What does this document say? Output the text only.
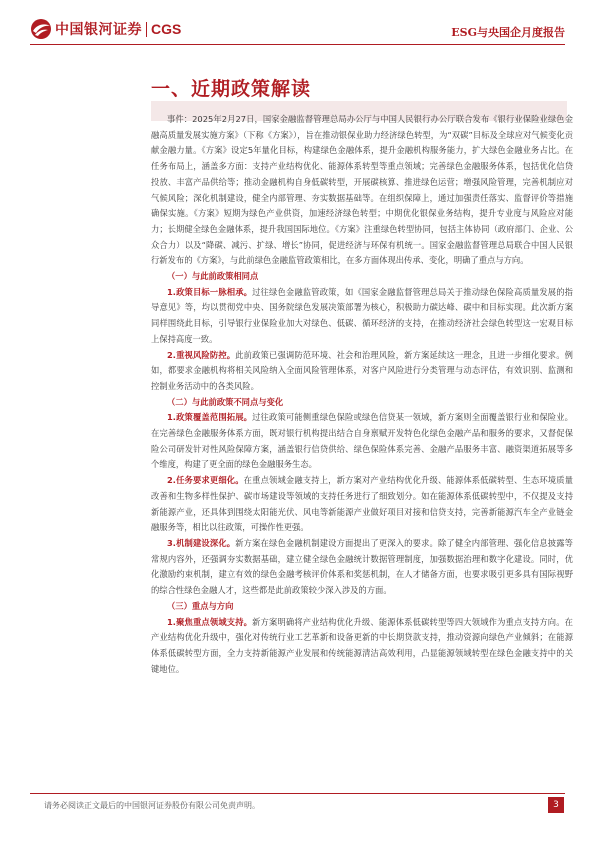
中国银河证券 CGS	ESG与央国企月度报告
一、近期政策解读

事件：2025年2月27日，国家金融监督管理总局办公厅与中国人民银行办公厅联合发布《银行业保险业绿色金融高质量发展实施方案》（下称《方案》），旨在推动银保业助力经济绿色转型，为“双碳”目标及全球应对气候变化贡献金融力量。《方案》设定5年量化目标，构建绿色金融体系，提升金融机构服务能力，扩大绿色金融业务占比。在任务布局上，涵盖多方面：支持产业结构优化、能源体系转型等重点领域；完善绿色金融服务体系，包括优化信贷投放、丰富产品供给等；推动金融机构自身低碳转型，开展碳核算、推进绿色运营；增强风险管理，完善机制应对气候风险；深化机制建设，健全内部管理、夯实数据基础等。在组织保障上，通过加强责任落实、监督评价等措施确保实施。《方案》短期为绿色产业供资，加速经济绿色转型；中期优化银保业务结构，提升专业度与风险应对能力；长期健全绿色金融体系，提升我国国际地位。《方案》注重绿色转型协同，包括主体协同（政府部门、企业、公众合力）以及“降碳、减污、扩绿、增长”协同，促进经济与环保有机统一。国家金融监督管理总局联合中国人民银行新发布的《方案》，与此前绿色金融监管政策相比，在多方面体现出传承、变化，明确了重点与方向。

（一）与此前政策相同点

1.政策目标一脉相承。过往绿色金融监管政策，如《国家金融监督管理总局关于推动绿色保险高质量发展的指导意见》等，均以贯彻党中央、国务院绿色发展决策部署为核心，积极助力碳达峰、碳中和目标实现。此次新方案同样围绕此目标，引导银行业保险业加大对绿色、低碳、循环经济的支持，在推动经济社会绿色转型这一宏观目标上保持高度一致。

2.重视风险防控。此前政策已强调防范环境、社会和治理风险，新方案延续这一理念，且进一步细化要求。例如，都要求金融机构将相关风险纳入全面风险管理体系，对客户风险进行分类管理与动态评估，有效识别、监测和控制业务活动中的各类风险。

（二）与此前政策不同点与变化

1.政策覆盖范围拓展。过往政策可能侧重绿色保险或绿色信贷某一领域，新方案则全面覆盖银行业和保险业。在完善绿色金融服务体系方面，既对银行机构提出结合自身禀赋开发特色化绿色金融产品和服务的要求，又督促保险公司研发针对性风险保障方案，涵盖银行信贷供给、绿色保险体系完善、金融产品服务丰富、融资渠道拓展等多个维度，构建了更全面的绿色金融服务生态。

2.任务要求更细化。在重点领域金融支持上，新方案对产业结构优化升级、能源体系低碳转型、生态环境质量改善和生物多样性保护、碳市场建设等领域的支持任务进行了细致划分。如在能源体系低碳转型中，不仅提及支持新能源产业，还具体到围绕太阳能光伏、风电等新能源产业做好项目对接和信贷支持，完善新能源汽车全产业链金融服务等，相比以往政策，可操作性更强。

3.机制建设深化。新方案在绿色金融机制建设方面提出了更深入的要求。除了健全内部管理、强化信息披露等常规内容外，还强调夯实数据基础，建立健全绿色金融统计数据管理制度，加强数据治理和数字化建设。同时，优化激励约束机制，建立有效的绿色金融考核评价体系和奖惩机制，在人才储备方面，也要求吸引更多具有国际视野的综合性绿色金融人才，这些都是此前政策较少深入涉及的方面。

（三）重点与方向

1.聚焦重点领域支持。新方案明确将产业结构优化升级、能源体系低碳转型等四大领域作为重点支持方向。在产业结构优化升级中，强化对传统行业工艺革新和设备更新的中长期贷款支持，推动资源向绿色产业倾斜；在能源体系低碳转型方面，全力支持新能源产业发展和传统能源清洁高效利用，凸显能源领域转型在绿色金融支持中的关键地位。

请务必阅读正文最后的中国银河证券股份有限公司免责声明。	3
